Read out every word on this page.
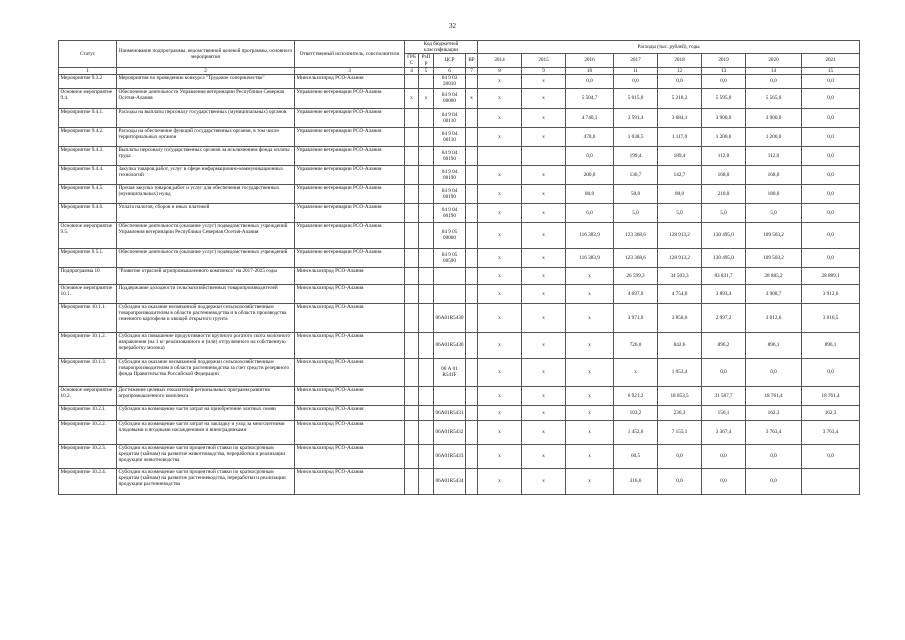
32
Статус	Наименование подпрограммы, ведомственной целевой программы, основного мероприятия	Ответственный исполнитель, соисполнители	Код бюджетной классификации				Расходы (тыс. рублей), годы							
			ГРБС	РзПр	ЦСР	ВР	2014	2015	2016	2017	2018	2019	2020	2021
1	2	3	4	5	6	7	8	9	10	11	12	13	14	15
Мероприятие 9.3.2	Мероприятия по проведению конкурса "Трудовое соперничество"	Минсельхозпрод РСО-Алания			04 9 03 20010		х	х	0,0	0,0	0,0	0,0	0,0	0,0
Основное мероприятие 9.4.	Обеспечение деятельности Управления ветеринарии Республики Северная Осетия-Алания	Управление ветеринарии РСО-Алания	х	х	04 9 04 00000	х	х	х	5 504,7	5 015,0	5 218,2	5 595,0	5 565,0	0,0
Мероприятие 9.4.1.	Расходы на выплаты персоналу государственных (муниципальных) органов	Управление ветеринарии РСО-Алания			04 9 04 00110		х	х	4 740,1	3 591,4	3 684,1	3 900,0	3 900,0	0,0
Мероприятие 9.4.2.	Расходы на обеспечение функций государственных органов, в том числе территориальных органов	Управление ветеринарии РСО-Алания			04 9 04 00110		х	х	478,6	1 038,5	1 117,0	1 200,0	1 200,0	0,0
Мероприятие 9.4.3.	Выплаты персоналу государственных органов за исключением фонда оплаты труда	Управление ветеринарии РСО-Алания			04 9 04 00190				0,0	199,4	189,4	112,0	112,0	0,0
Мероприятие 9.4.4.	Закупка товаров,работ, услуг в сфере информационно-коммуникационных технологий	Управление ветеринарии РСО-Алания			04 9 04 00190		х	х	200,0	130,7	142,7	168,0	168,0	0,0
Мероприятие 9.4.5.	Прочая закупка товаров,работ и услуг для обеспечения государственных (муниципальных) нужд	Управление ветеринарии РСО-Алания			04 9 04 00190		х	х	80,0	50,0	80,0	210,0	180,0	0,0
Мероприятие 9.4.6.	Уплата налогов, сборов и иных платежей	Управление ветеринарии РСО-Алания			04 9 04 00190		х	х	6,0	5,0	5,0	5,0	5,0	0,0
Основное мероприятие 9.5.	Обеспечение деятельности (оказание услуг) подведомственных учреждений Управления ветеринарии Республики Северная Осетия-Алания	Управление ветеринарии РСО-Алания			04 9 05 00000		х	х	116 383,9	123 368,6	128 913,2	130 495,0	109 503,2	0,0
Мероприятие 9.5.1.	Обеспечение деятельности (оказание услуг) подведомственных учреждений	Управление ветеринарии РСО-Алания			04 9 05 00590		х	х	116 383,9	123 368,6	128 913,2	130 495,0	109 503,2	0,0
Подпрограмма 10	"Развитие отраслей агропромышленного комплекса" на 2017-2025 годы	Минсельхозпрод РСО-Алания					х	х	х	26 599,3	34 503,3	83 831,7	28 885,2	28 889,1
Основное мероприятие 10.1.	Поддержание доходности сельскохозяйственных товаропроизводителей	Минсельхозпрод РСО-Алания					х	х	х	4 697,0	4 754,0	3 893,4	3 908,7	3 912,6
Мероприятие 10.1.1.	Субсидии на оказание несвязанной поддержки сельскохозяйственным товаропроизводителям в области растениеводства и в области производства семенного картофеля и овощей открытого грунта	Минсельхозпрод РСО-Алания			06А01R5430		х	х	х	3 971,0	3 858,0	2 997,2	3 012,6	3 016,5
Мероприятие 10.1.2.	Субсидии на повышение продуктивности крупного рогатого скота молочного направления (на 1 кг реализованного и (или) отгруженного на собственную переработку молока)	Минсельхозпрод РСО-Алания			06А01R5430		х	х	х	726,0	842,6	896,2	896,1	896,1
Мероприятие 10.1.3.	Субсидии на оказание несвязанной поддержки сельскохозяйственным товаропроизводителям в области растениеводства за счет средств резервного фонда Правительства Российской Федерации	Минсельхозпрод РСО-Алания			06 А 01 R541F		х	х	х	х	1 053,4	0,0	0,0	0,0
Основное мероприятие 10.2.	Достижение целевых показателей региональных программ развития агропромышленного комплекса	Минсельхозпрод РСО-Алания					х	х	х	6 921,2	18 053,5	31 587,7	18 761,4	18 761,4
Мероприятие 10.2.1.	Субсидии на возмещение части затрат на приобретение элитных семян	Минсельхозпрод РСО-Алания			06А01R5431		х	х	х	103,2	236,3	150,1	162,3	162,3
Мероприятие 10.2.2.	Субсидии на возмещение части затрат на закладку и уход за многолетними плодовыми и ягодными насаждениями и виноградниками	Минсельхозпрод РСО-Алания			06А01R5432		х	х	х	1 452,6	7 155,1	3 367,4	3 763,4	3 763,4
Мероприятие 10.2.3.	Субсидии на возмещение части процентной ставки по краткосрочным кредитам (займам) на развитие животноводства, переработки и реализации продукции животноводства	Минсельхозпрод РСО-Алания			06А01R5433		х	х	х	60,5	0,0	0,0	0,0	0,0
Мероприятие 10.2.4.	Субсидии на возмещение части процентной ставки по краткосрочным кредитам (займам) на развитие растениеводства, переработки и реализации продукции растениеводства	Минсельхозпрод РСО-Алания			06А01R5434		х	х	х	316,6	0,0	0,0	0,0	
